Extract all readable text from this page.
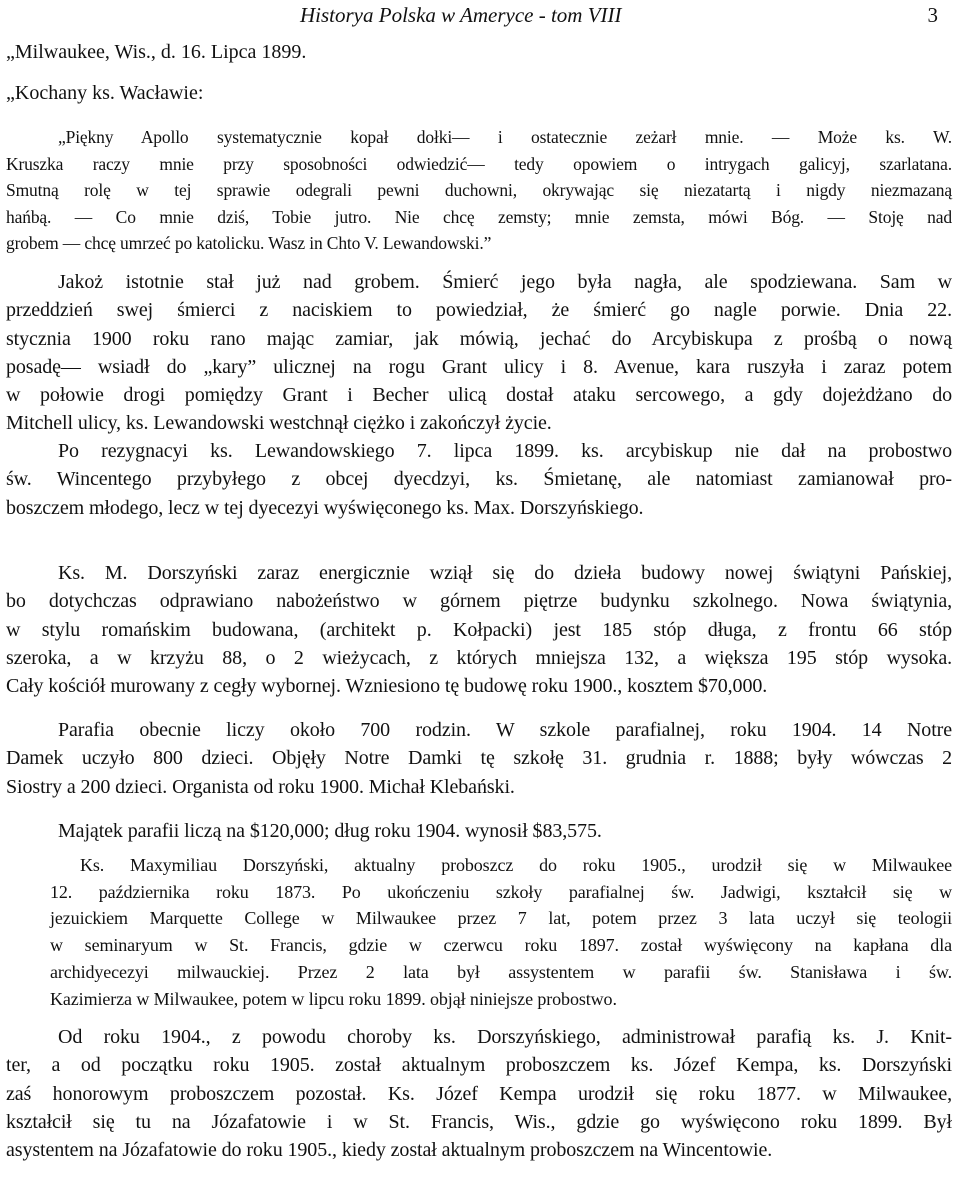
Historya Polska w Ameryce - tom VIII	3
„Milwaukee, Wis., d. 16. Lipca 1899.
„Kochany ks. Wacławie:
„Piękny Apollo systematycznie kopał dołki— i ostatecznie zeżarł mnie. — Może ks. W.
Kruszka raczy mnie przy sposobności odwiedzić— tedy opowiem o intrygach galicyj, szarlatana.
Smutną rolę w tej sprawie odegrali pewni duchowni, okrywając się niezatartą i nigdy niezmazaną
hańbą. — Co mnie dziś, Tobie jutro. Nie chcę zemsty; mnie zemsta, mówi Bóg. — Stoję nad
grobem — chcę umrzeć po katolicku. Wasz in Chto V. Lewandowski.”
Jakoż istotnie stał już nad grobem. Śmierć jego była nagła, ale spodziewana. Sam w
przeddzień swej śmierci z naciskiem to powiedział, że śmierć go nagle porwie. Dnia 22.
stycznia 1900 roku rano mając zamiar, jak mówią, jechać do Arcybiskupa z prośbą o nową
posadę— wsiadł do „kary” ulicznej na rogu Grant ulicy i 8. Avenue, kara ruszyła i zaraz potem
w połowie drogi pomiędzy Grant i Becher ulicą dostał ataku sercowego, a gdy dojeżdżano do
Mitchell ulicy, ks. Lewandowski westchnął ciężko i zakończył życie.
Po rezygnacyi ks. Lewandowskiego 7. lipca 1899. ks. arcybiskup nie dał na probostwo
św. Wincentego przybyłego z obcej dyecdzyi, ks. Śmietanę, ale natomiast zamianował pro-
boszczem młodego, lecz w tej dyecezyi wyświęconego ks. Max. Dorszyńskiego.
Ks. M. Dorszyński zaraz energicznie wziął się do dzieła budowy nowej świątyni Pańskiej,
bo dotychczas odprawiano nabożeństwo w górnem piętrze budynku szkolnego. Nowa świątynia,
w stylu romańskim budowana, (architekt p. Kołpacki) jest 185 stóp długa, z frontu 66 stóp
szeroka, a w krzyżu 88, o 2 wieżycach, z których mniejsza 132, a większa 195 stóp wysoka.
Cały kościół murowany z cegły wybornej. Wzniesiono tę budowę roku 1900., kosztem $70,000.
Parafia obecnie liczy około 700 rodzin. W szkole parafialnej, roku 1904. 14 Notre
Damek uczyło 800 dzieci. Objęły Notre Damki tę szkołę 31. grudnia r. 1888; były wówczas 2
Siostry a 200 dzieci. Organista od roku 1900. Michał Klebański.
Majątek parafii liczą na $120,000; dług roku 1904. wynosił $83,575.
Ks. Maxymiliau Dorszyński, aktualny proboszcz do roku 1905., urodził się w Milwaukee
12. października roku 1873. Po ukończeniu szkoły parafialnej św. Jadwigi, kształcił się w
jezuickiem Marquette College w Milwaukee przez 7 lat, potem przez 3 lata uczył się teologii
w seminaryum w St. Francis, gdzie w czerwcu roku 1897. został wyświęcony na kapłana dla
archidyecezyi milwauckiej. Przez 2 lata był assystentem w parafii św. Stanisława i św.
Kazimierza w Milwaukee, potem w lipcu roku 1899. objął niniejsze probostwo.
Od roku 1904., z powodu choroby ks. Dorszyńskiego, administrował parafią ks. J. Knit-
ter, a od początku roku 1905. został aktualnym proboszczem ks. Józef Kempa, ks. Dorszyński
zaś honorowym proboszczem pozostał. Ks. Józef Kempa urodził się roku 1877. w Milwaukee,
kształcił się tu na Józafatowie i w St. Francis, Wis., gdzie go wyświęcono roku 1899. Był
asystentem na Józafatowie do roku 1905., kiedy został aktualnym proboszczem na Wincentowie.
